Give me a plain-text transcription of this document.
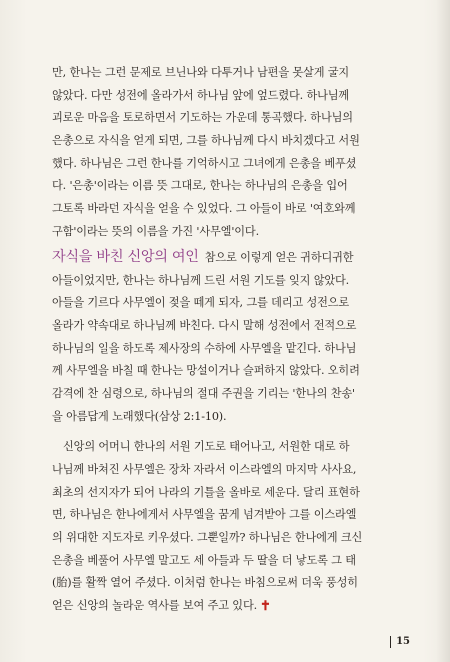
만, 한나는 그런 문제로 브닌나와 다투거나 남편을 못살게 굴지
않았다. 다만 성전에 올라가서 하나님 앞에 엎드렸다. 하나님께
괴로운 마음을 토로하면서 기도하는 가운데 통곡했다. 하나님의
은총으로 자식을 얻게 되면, 그를 하나님께 다시 바치겠다고 서원
했다. 하나님은 그런 한나를 기억하시고 그녀에게 은총을 베푸셨
다. '은총'이라는 이름 뜻 그대로, 한나는 하나님의 은총을 입어
그토록 바라던 자식을 얻을 수 있었다. 그 아들이 바로 '여호와께
구함'이라는 뜻의 이름을 가진 '사무엘'이다.
자식을 바친 신앙의 여인 참으로 이렇게 얻은 귀하디귀한
아들이었지만, 한나는 하나님께 드린 서원 기도를 잊지 않았다.
아들을 기르다 사무엘이 젖을 떼게 되자, 그를 데리고 성전으로
올라가 약속대로 하나님께 바친다. 다시 말해 성전에서 전적으로
하나님의 일을 하도록 제사장의 수하에 사무엘을 맡긴다. 하나님
께 사무엘을 바칠 때 한나는 망설이거나 슬퍼하지 않았다. 오히려
감격에 찬 심령으로, 하나님의 절대 주권을 기리는 '한나의 찬송'
을 아름답게 노래했다(삼상 2:1-10).
신앙의 어머니 한나의 서원 기도로 태어나고, 서원한 대로 하
나님께 바쳐진 사무엘은 장차 자라서 이스라엘의 마지막 사사요,
최초의 선지자가 되어 나라의 기틀을 올바로 세운다. 달리 표현하
면, 하나님은 한나에게서 사무엘을 꿈게 넘겨받아 그를 이스라엘
의 위대한 지도자로 키우셨다. 그뿐일까? 하나님은 한나에게 크신
은총을 베풀어 사무엘 말고도 세 아들과 두 딸을 더 낳도록 그 태
(胎)를 활짝 열어 주셨다. 이처럼 한나는 바침으로써 더욱 풍성히
얻은 신앙의 놀라운 역사를 보여 주고 있다. ✝
15
